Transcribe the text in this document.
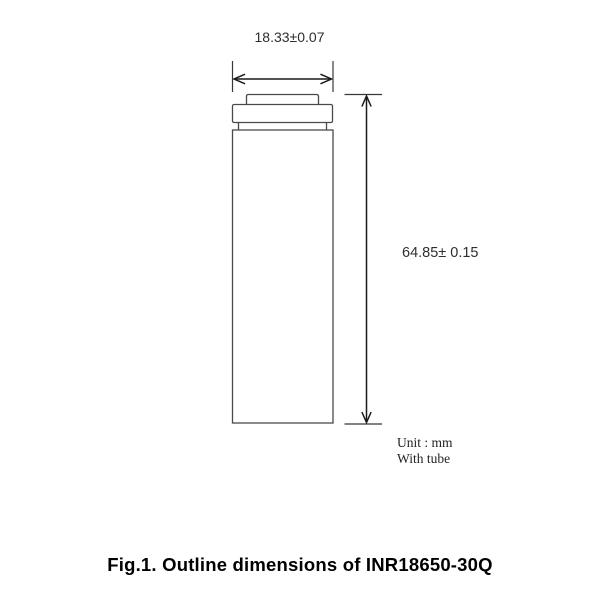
18.33±0.07
64.85± 0.15
Unit : mm
With tube
Fig.1. Outline dimensions of INR18650-30Q
